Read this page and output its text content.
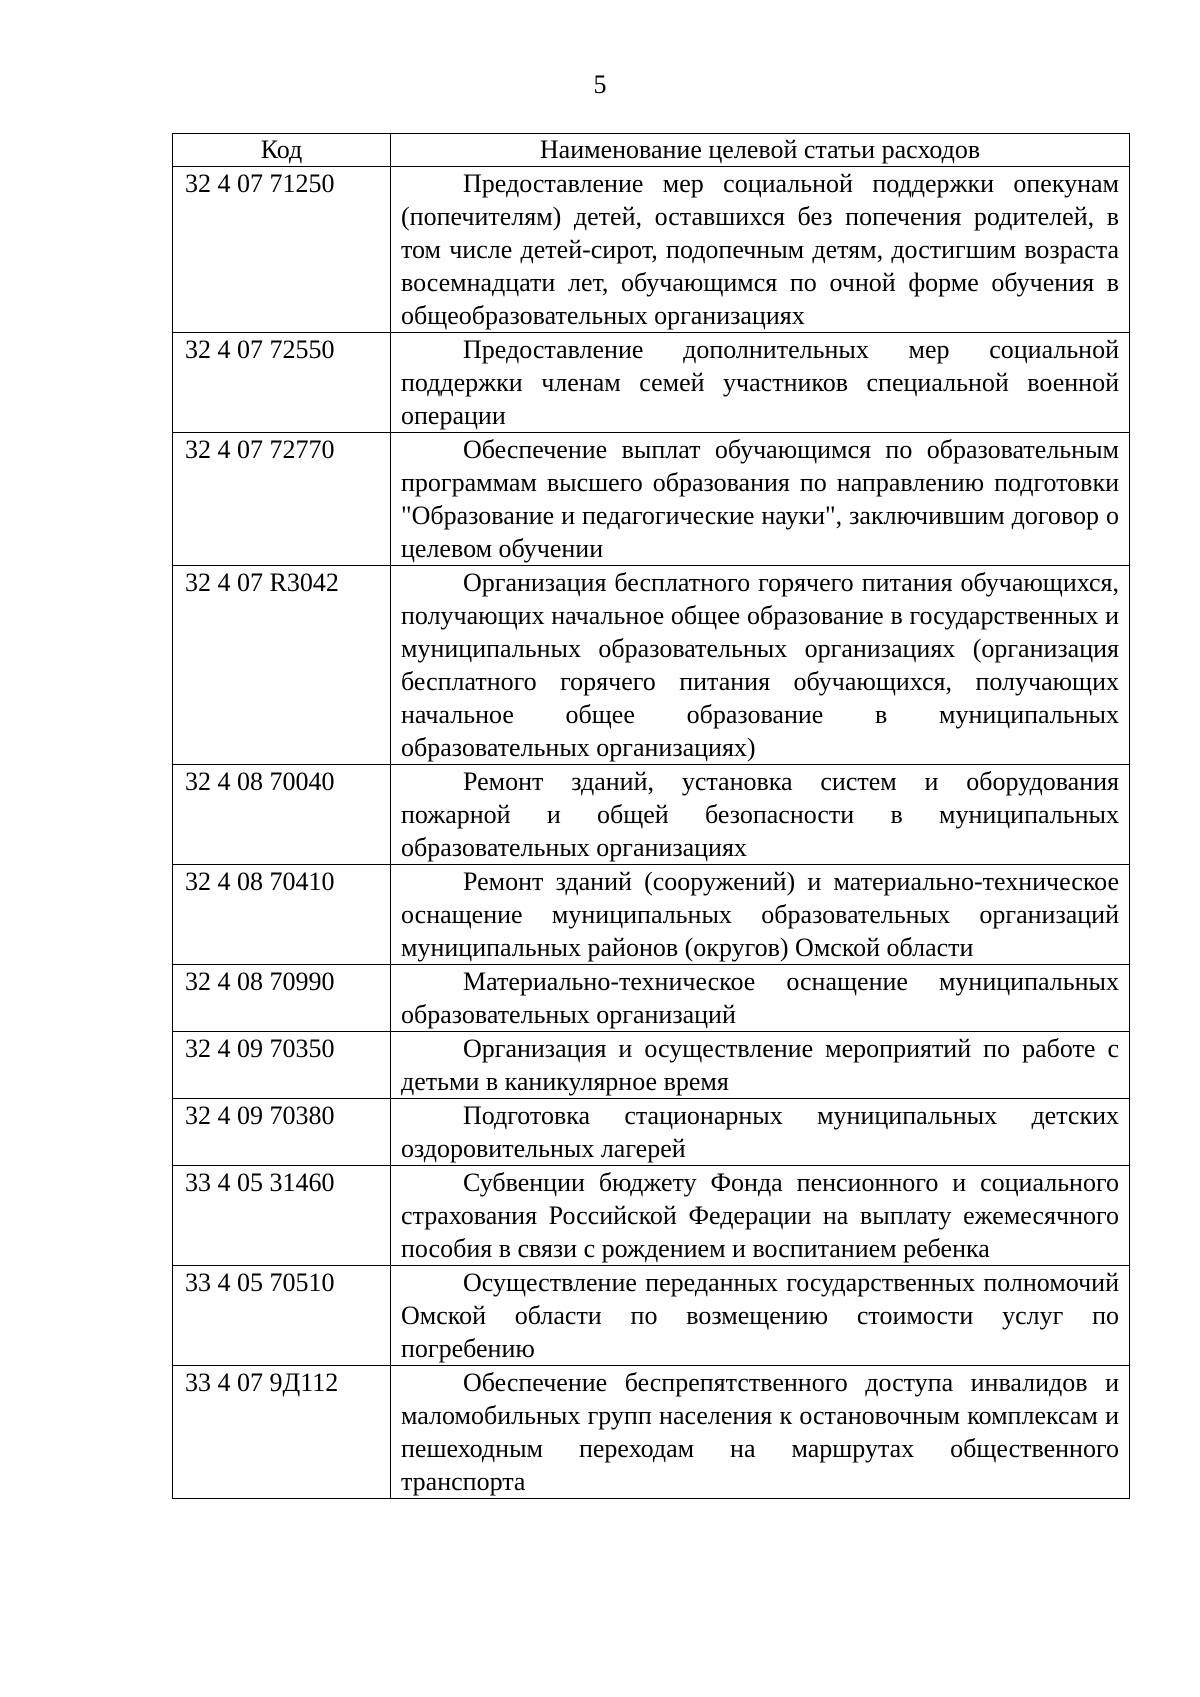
5
Код	Наименование целевой статьи расходов
32 4 07 71250	Предоставление мер социальной поддержки опекунам (попечителям) детей, оставшихся без попечения родителей, в том числе детей-сирот, подопечным детям, достигшим возраста восемнадцати лет, обучающимся по очной форме обучения в общеобразовательных организациях
32 4 07 72550	Предоставление дополнительных мер социальной поддержки членам семей участников специальной военной операции
32 4 07 72770	Обеспечение выплат обучающимся по образовательным программам высшего образования по направлению подготовки "Образование и педагогические науки", заключившим договор о целевом обучении
32 4 07 R3042	Организация бесплатного горячего питания обучающихся, получающих начальное общее образование в государственных и муниципальных образовательных организациях (организация бесплатного горячего питания обучающихся, получающих начальное общее образование в муниципальных образовательных организациях)
32 4 08 70040	Ремонт зданий, установка систем и оборудования пожарной и общей безопасности в муниципальных образовательных организациях
32 4 08 70410	Ремонт зданий (сооружений) и материально-техническое оснащение муниципальных образовательных организаций муниципальных районов (округов) Омской области
32 4 08 70990	Материально-техническое оснащение муниципальных образовательных организаций
32 4 09 70350	Организация и осуществление мероприятий по работе с детьми в каникулярное время
32 4 09 70380	Подготовка стационарных муниципальных детских оздоровительных лагерей
33 4 05 31460	Субвенции бюджету Фонда пенсионного и социального страхования Российской Федерации на выплату ежемесячного пособия в связи с рождением и воспитанием ребенка
33 4 05 70510	Осуществление переданных государственных полномочий Омской области по возмещению стоимости услуг по погребению
33 4 07 9Д112	Обеспечение беспрепятственного доступа инвалидов и маломобильных групп населения к остановочным комплексам и пешеходным переходам на маршрутах общественного транспорта
